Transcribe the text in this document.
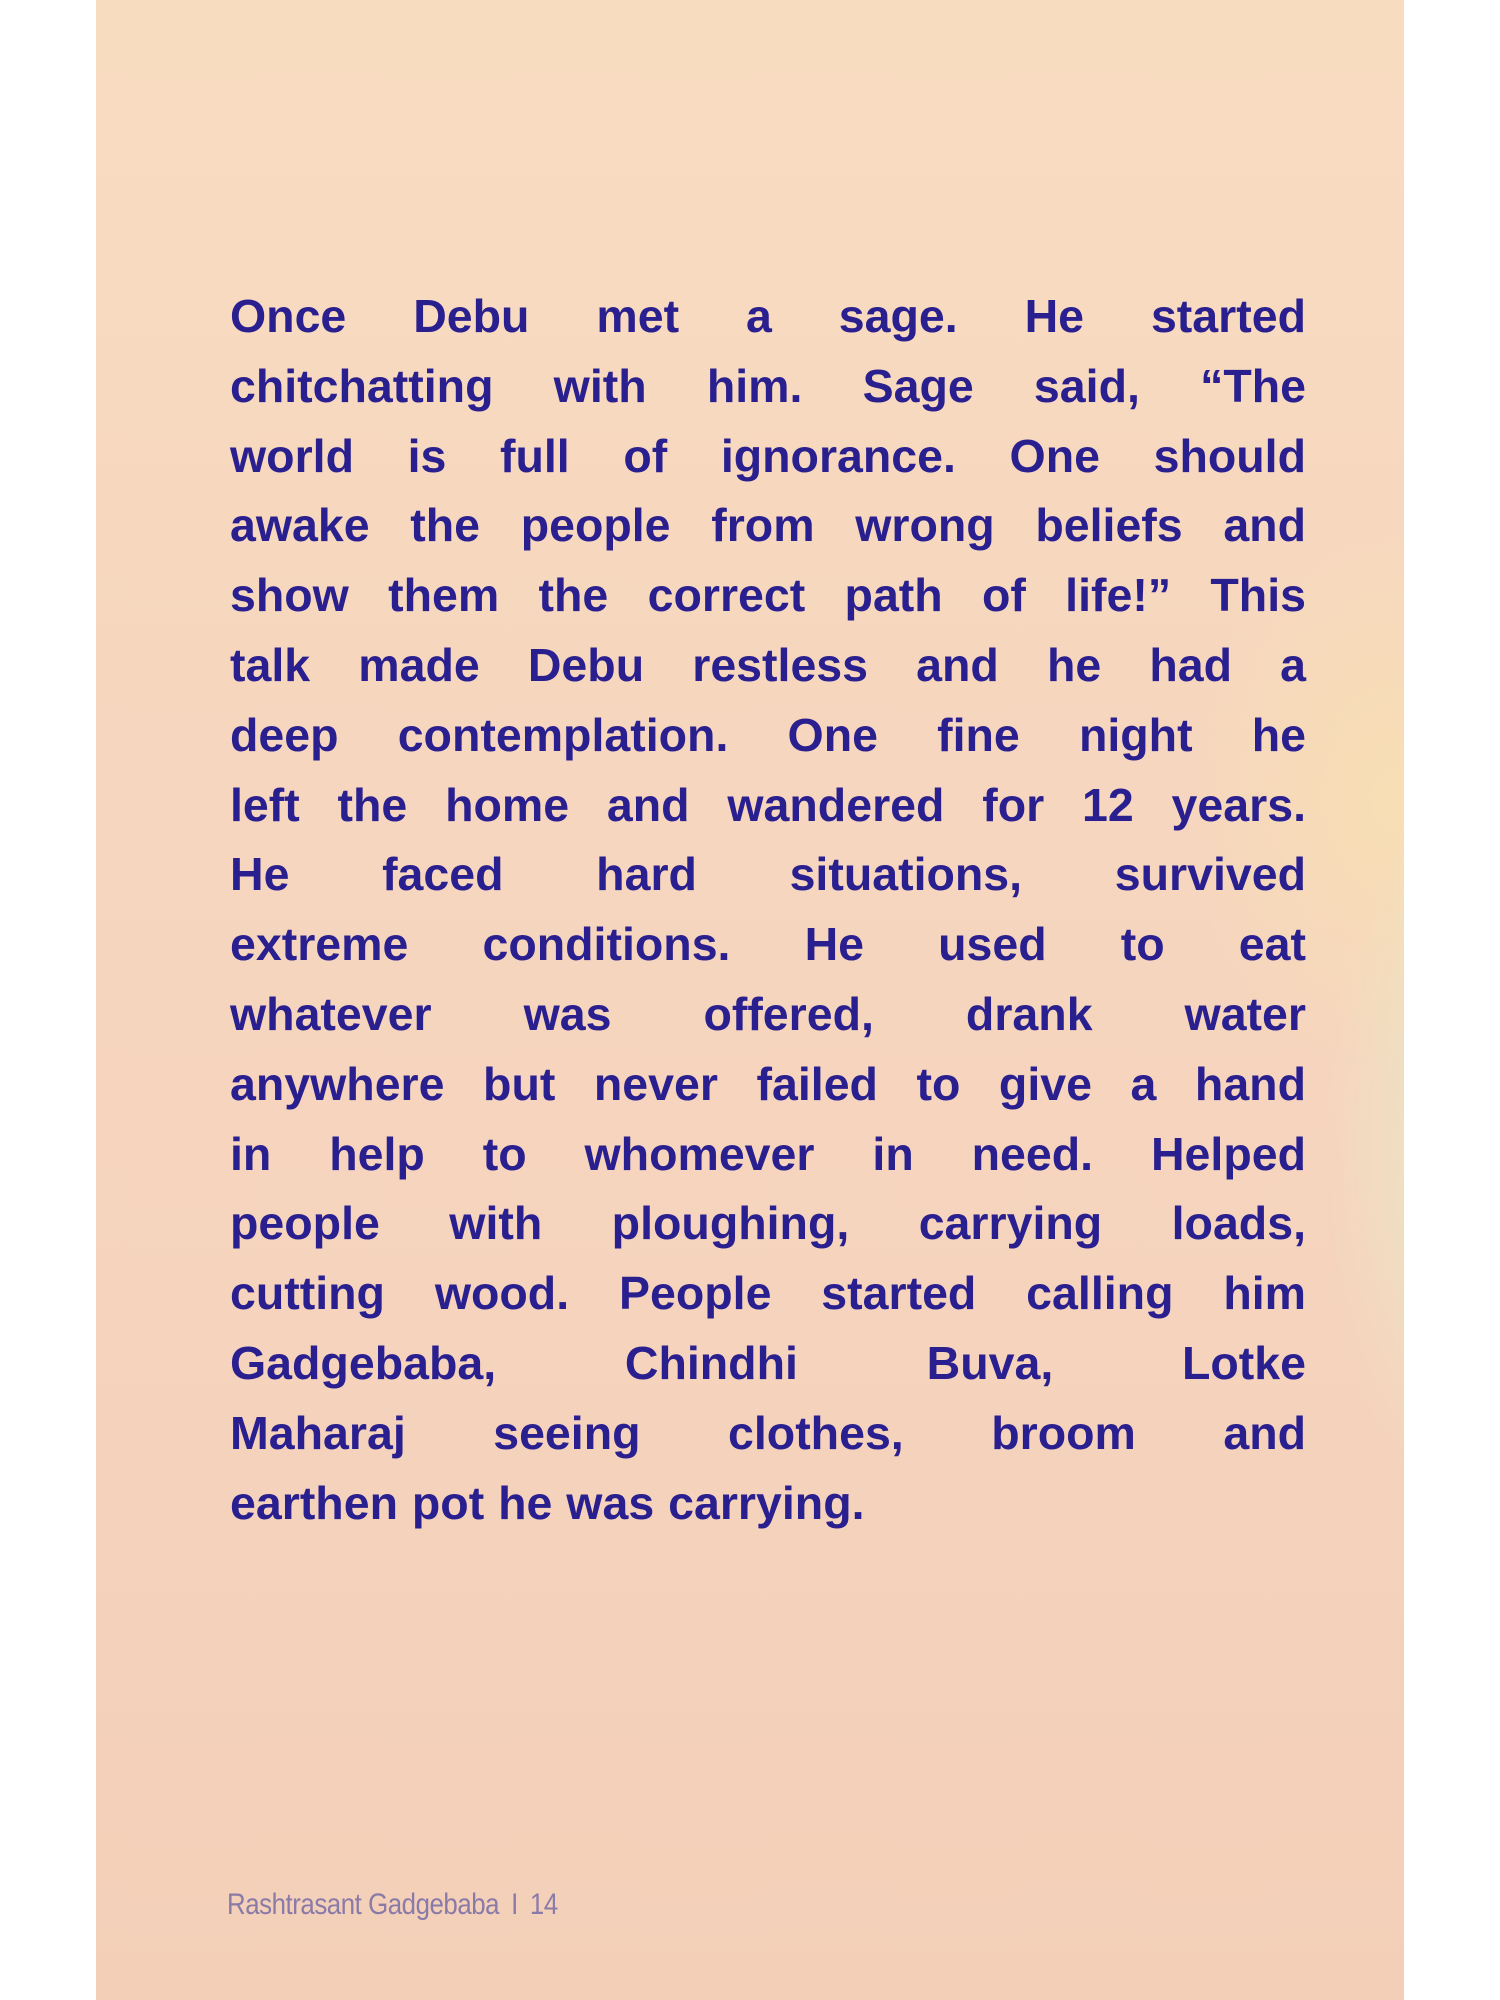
Once Debu met a sage. He started
chitchatting with him. Sage said, “The
world is full of ignorance. One should
awake the people from wrong beliefs and
show them the correct path of life!” This
talk made Debu restless and he had a
deep contemplation. One fine night he
left the home and wandered for 12 years.
He faced hard situations, survived
extreme conditions. He used to eat
whatever was offered, drank water
anywhere but never failed to give a hand
in help to whomever in need. Helped
people with ploughing, carrying loads,
cutting wood. People started calling him
Gadgebaba, Chindhi Buva, Lotke
Maharaj seeing clothes, broom and
earthen pot he was carrying.

Rashtrasant Gadgebaba I 14
